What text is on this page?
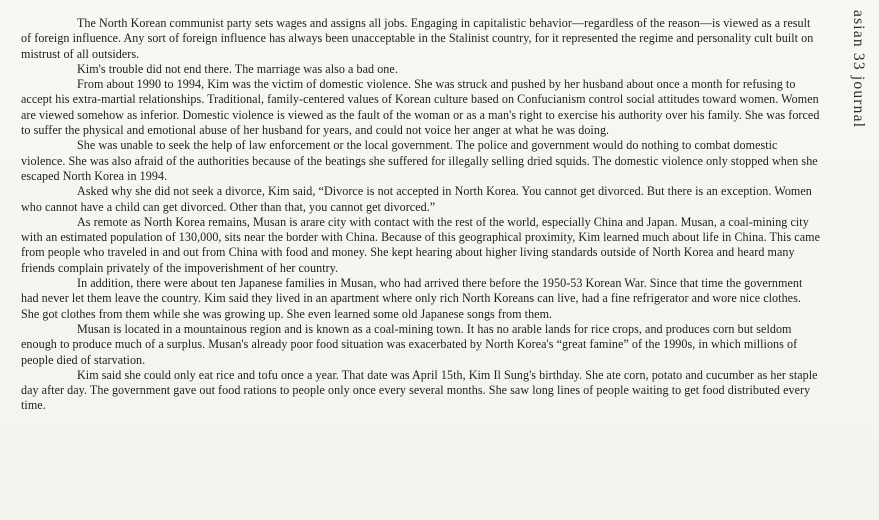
The North Korean communist party sets wages and assigns all jobs. Engaging in capitalistic behavior—regardless of the reason—is viewed as a result of foreign influence. Any sort of foreign influence has always been unacceptable in the Stalinist country, for it represented the regime and personality cult built on mistrust of all outsiders.

Kim's trouble did not end there. The marriage was also a bad one.

From about 1990 to 1994, Kim was the victim of domestic violence. She was struck and pushed by her husband about once a month for refusing to accept his extra-martial relationships. Traditional, family-centered values of Korean culture based on Confucianism control social attitudes toward women. Women are viewed somehow as inferior. Domestic violence is viewed as the fault of the woman or as a man's right to exercise his authority over his family. She was forced to suffer the physical and emotional abuse of her husband for years, and could not voice her anger at what he was doing.

She was unable to seek the help of law enforcement or the local government. The police and government would do nothing to combat domestic violence. She was also afraid of the authorities because of the beatings she suffered for illegally selling dried squids. The domestic violence only stopped when she escaped North Korea in 1994.

Asked why she did not seek a divorce, Kim said, “Divorce is not accepted in North Korea. You cannot get divorced. But there is an exception. Women who cannot have a child can get divorced. Other than that, you cannot get divorced.”

As remote as North Korea remains, Musan is arare city with contact with the rest of the world, especially China and Japan. Musan, a coal-mining city with an estimated population of 130,000, sits near the border with China. Because of this geographical proximity, Kim learned much about life in China. This came from people who traveled in and out from China with food and money. She kept hearing about higher living standards outside of North Korea and heard many friends complain privately of the impoverishment of her country.

In addition, there were about ten Japanese families in Musan, who had arrived there before the 1950-53 Korean War. Since that time the government had never let them leave the country. Kim said they lived in an apartment where only rich North Koreans can live, had a fine refrigerator and wore nice clothes. She got clothes from them while she was growing up. She even learned some old Japanese songs from them.

Musan is located in a mountainous region and is known as a coal-mining town. It has no arable lands for rice crops, and produces corn but seldom enough to produce much of a surplus. Musan's already poor food situation was exacerbated by North Korea's “great famine” of the 1990s, in which millions of people died of starvation.

Kim said she could only eat rice and tofu once a year. That date was April 15th, Kim Il Sung's birthday. She ate corn, potato and cucumber as her staple day after day. The government gave out food rations to people only once every several months. She saw long lines of people waiting to get food distributed every time.

asian 33 journal
